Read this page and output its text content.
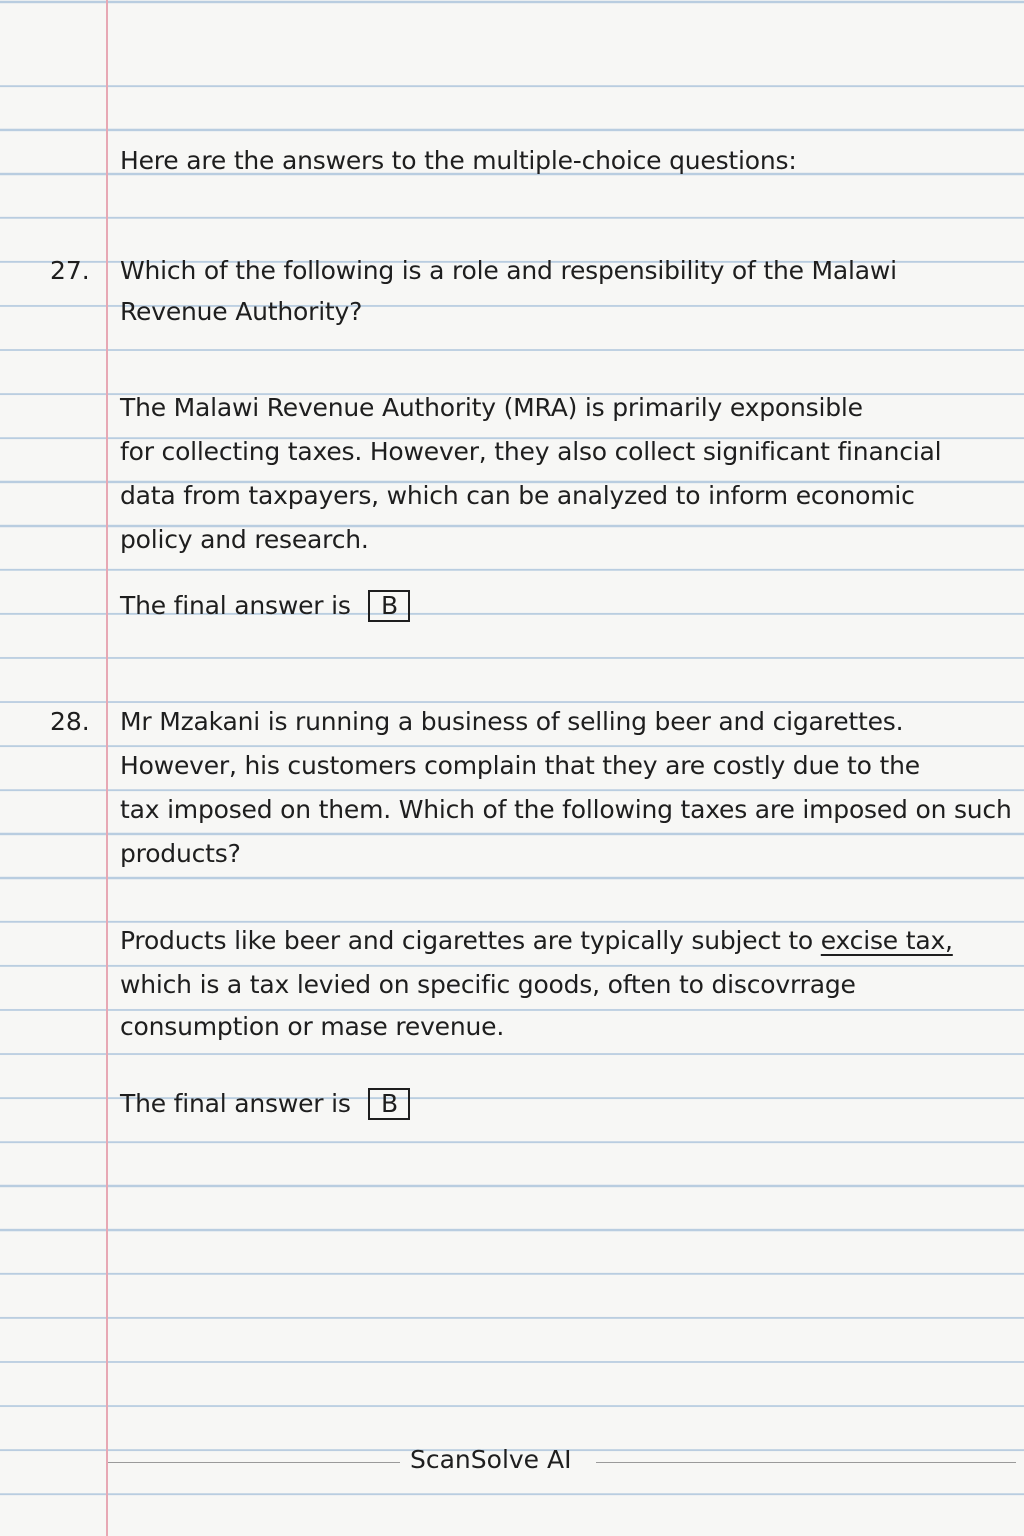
Here are the answers to the multiple-choice questions:
27. Which of the following is a role and respensibility of the Malawi
Revenue Authority?
The Malawi Revenue Authority (MRA) is primarily exponsible
for collecting taxes. However, they also collect significant financial
data from taxpayers, which can be analyzed to inform economic
policy and research.
The final answer is B
28. Mr Mzakani is running a business of selling beer and cigarettes.
However, his customers complain that they are costly due to the
tax imposed on them. Which of the following taxes are imposed on such
products?
Products like beer and cigarettes are typically subject to excise tax,
which is a tax levied on specific goods, often to discovrrage
consumption or mase revenue.
The final answer is B
ScanSolve AI
